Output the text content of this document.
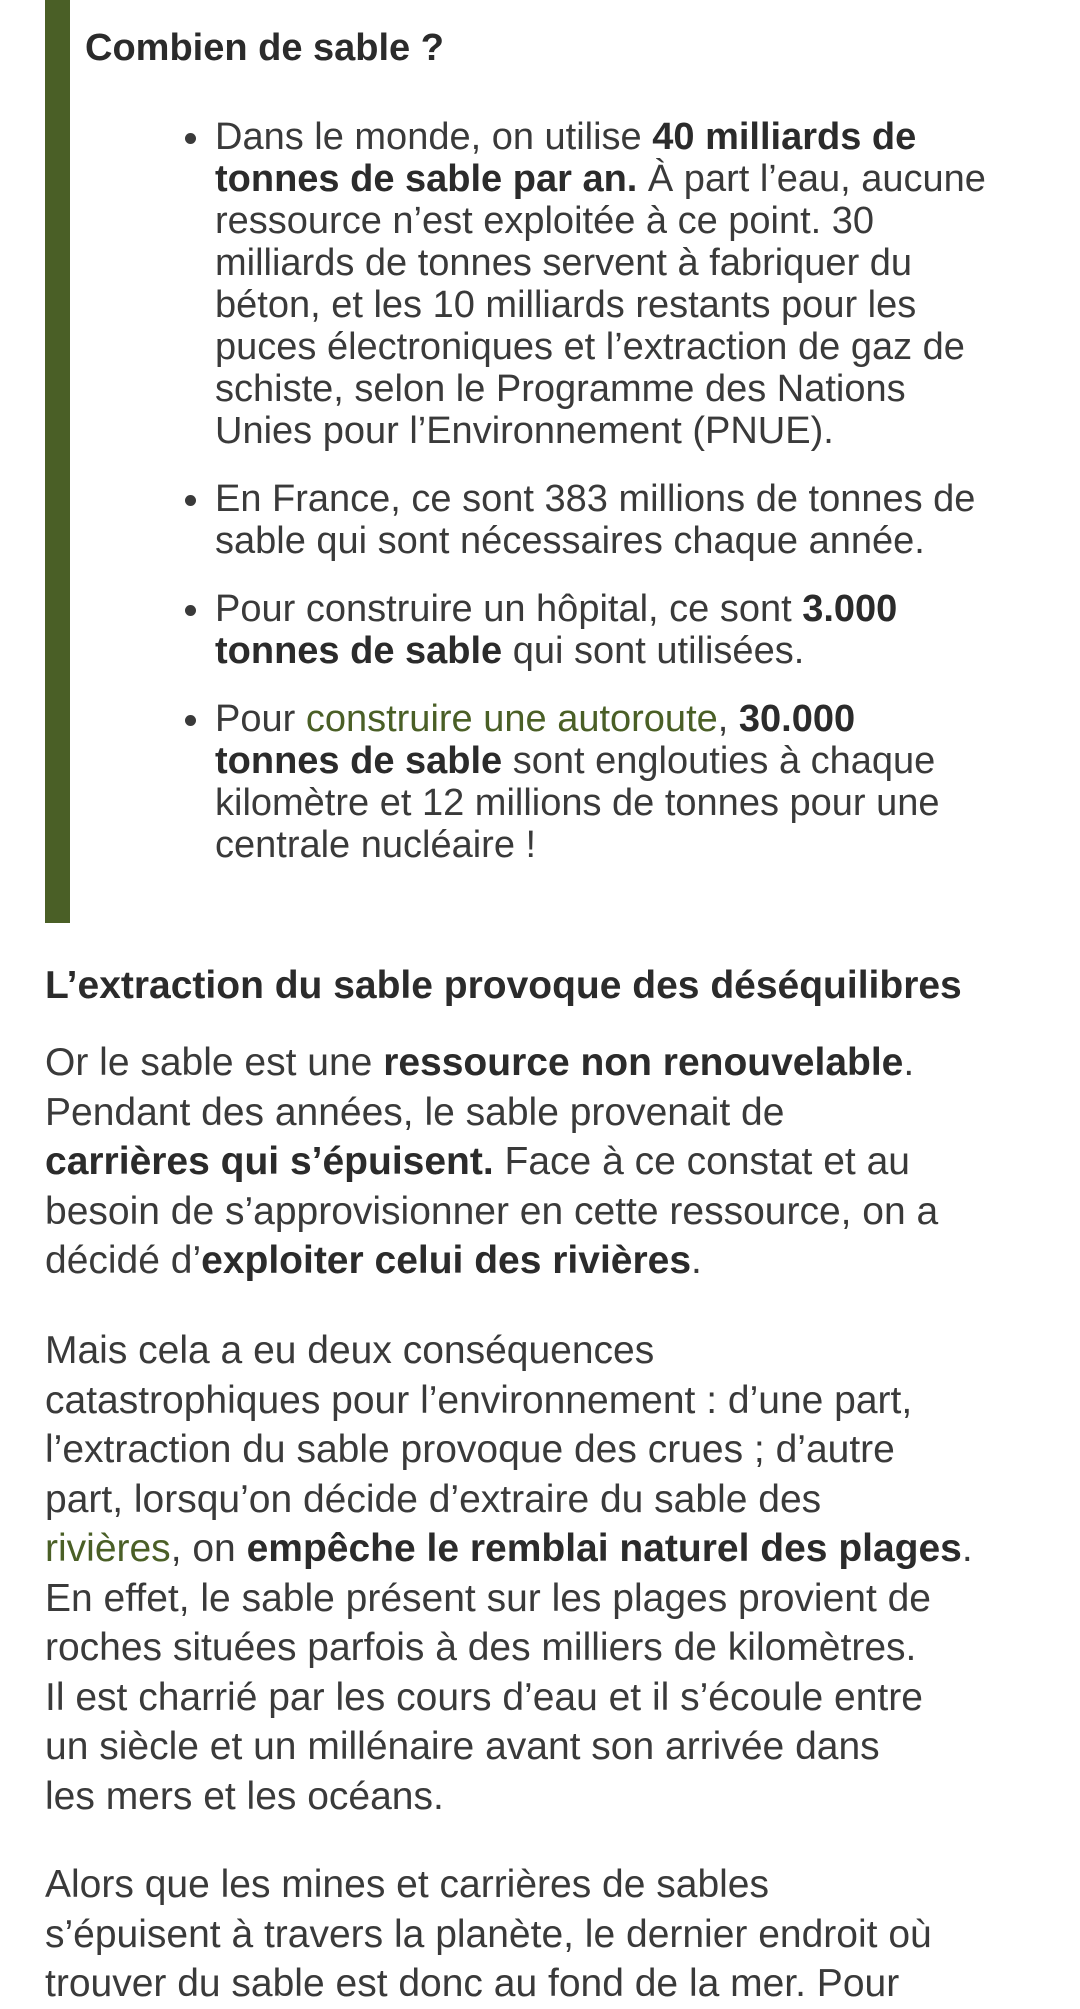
Combien de sable ?
Dans le monde, on utilise 40 milliards de
tonnes de sable par an. À part l’eau, aucune
ressource n’est exploitée à ce point. 30
milliards de tonnes servent à fabriquer du
béton, et les 10 milliards restants pour les
puces électroniques et l’extraction de gaz de
schiste, selon le Programme des Nations
Unies pour l’Environnement (PNUE).
En France, ce sont 383 millions de tonnes de
sable qui sont nécessaires chaque année.
Pour construire un hôpital, ce sont 3.000
tonnes de sable qui sont utilisées.
Pour construire une autoroute, 30.000
tonnes de sable sont englouties à chaque
kilomètre et 12 millions de tonnes pour une
centrale nucléaire !
L’extraction du sable provoque des déséquilibres

Or le sable est une ressource non renouvelable.
Pendant des années, le sable provenait de
carrières qui s’épuisent. Face à ce constat et au
besoin de s’approvisionner en cette ressource, on a
décidé d’exploiter celui des rivières.

Mais cela a eu deux conséquences
catastrophiques pour l’environnement : d’une part,
l’extraction du sable provoque des crues ; d’autre
part, lorsqu’on décide d’extraire du sable des
rivières, on empêche le remblai naturel des plages.
En effet, le sable présent sur les plages provient de
roches situées parfois à des milliers de kilomètres.
Il est charrié par les cours d’eau et il s’écoule entre
un siècle et un millénaire avant son arrivée dans
les mers et les océans.

Alors que les mines et carrières de sables
s’épuisent à travers la planète, le dernier endroit où
trouver du sable est donc au fond de la mer. Pour
